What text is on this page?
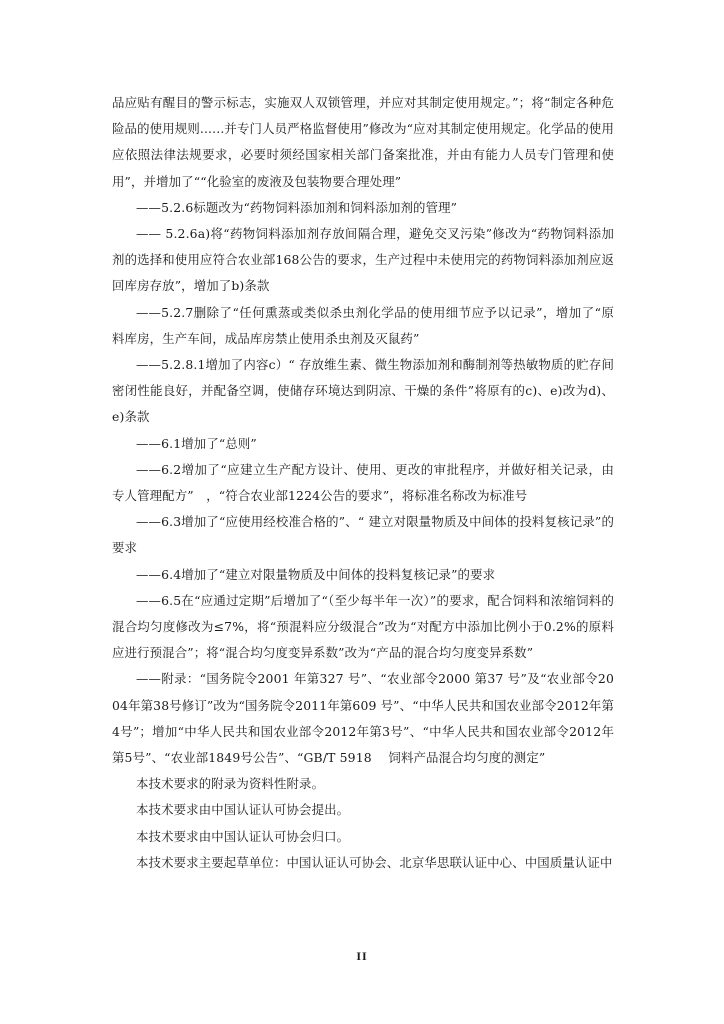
品应贴有醒目的警示标志，实施双人双锁管理，并应对其制定使用规定。”；将“制定各种危险品的使用规则......并专门人员严格监督使用”修改为“应对其制定使用规定。化学品的使用应依照法律法规要求，必要时须经国家相关部门备案批准，并由有能力人员专门管理和使用”，并增加了““化验室的废液及包装物要合理处理”

——5.2.6标题改为“药物饲料添加剂和饲料添加剂的管理”

—— 5.2.6a)将“药物饲料添加剂存放间隔合理，避免交叉污染”修改为“药物饲料添加剂的选择和使用应符合农业部168公告的要求，生产过程中未使用完的药物饲料添加剂应返回库房存放”，增加了b)条款

——5.2.7删除了“任何熏蒸或类似杀虫剂化学品的使用细节应予以记录”，增加了“原料库房，生产车间，成品库房禁止使用杀虫剂及灭鼠药”

——5.2.8.1增加了内容c）“ 存放维生素、微生物添加剂和酶制剂等热敏物质的贮存间密闭性能良好，并配备空调，使储存环境达到阴凉、干燥的条件”将原有的c)、e)改为d)、e)条款

——6.1增加了“总则”

——6.2增加了“应建立生产配方设计、使用、更改的审批程序，并做好相关记录，由专人管理配方”　，“符合农业部1224公告的要求”，将标准名称改为标准号

——6.3增加了“应使用经校准合格的”、“ 建立对限量物质及中间体的投料复核记录”的要求

——6.4增加了“建立对限量物质及中间体的投料复核记录”的要求

——6.5在“应通过定期”后增加了“（至少每半年一次）”的要求，配合饲料和浓缩饲料的混合均匀度修改为≤7%，将“预混料应分级混合”改为“对配方中添加比例小于0.2%的原料应进行预混合”；将“混合均匀度变异系数”改为“产品的混合均匀度变异系数”

——附录：“国务院令2001 年第327 号”、“农业部令2000 第37 号”及“农业部令2004年第38号修订”改为“国务院令2011年第609 号”、“中华人民共和国农业部令2012年第4号”；增加“中华人民共和国农业部令2012年第3号”、“中华人民共和国农业部令2012年第5号”、“农业部1849号公告”、“GB/T 5918　 饲料产品混合均匀度的测定”

本技术要求的附录为资料性附录。

本技术要求由中国认证认可协会提出。

本技术要求由中国认证认可协会归口。

本技术要求主要起草单位：中国认证认可协会、北京华思联认证中心、中国质量认证中

II
